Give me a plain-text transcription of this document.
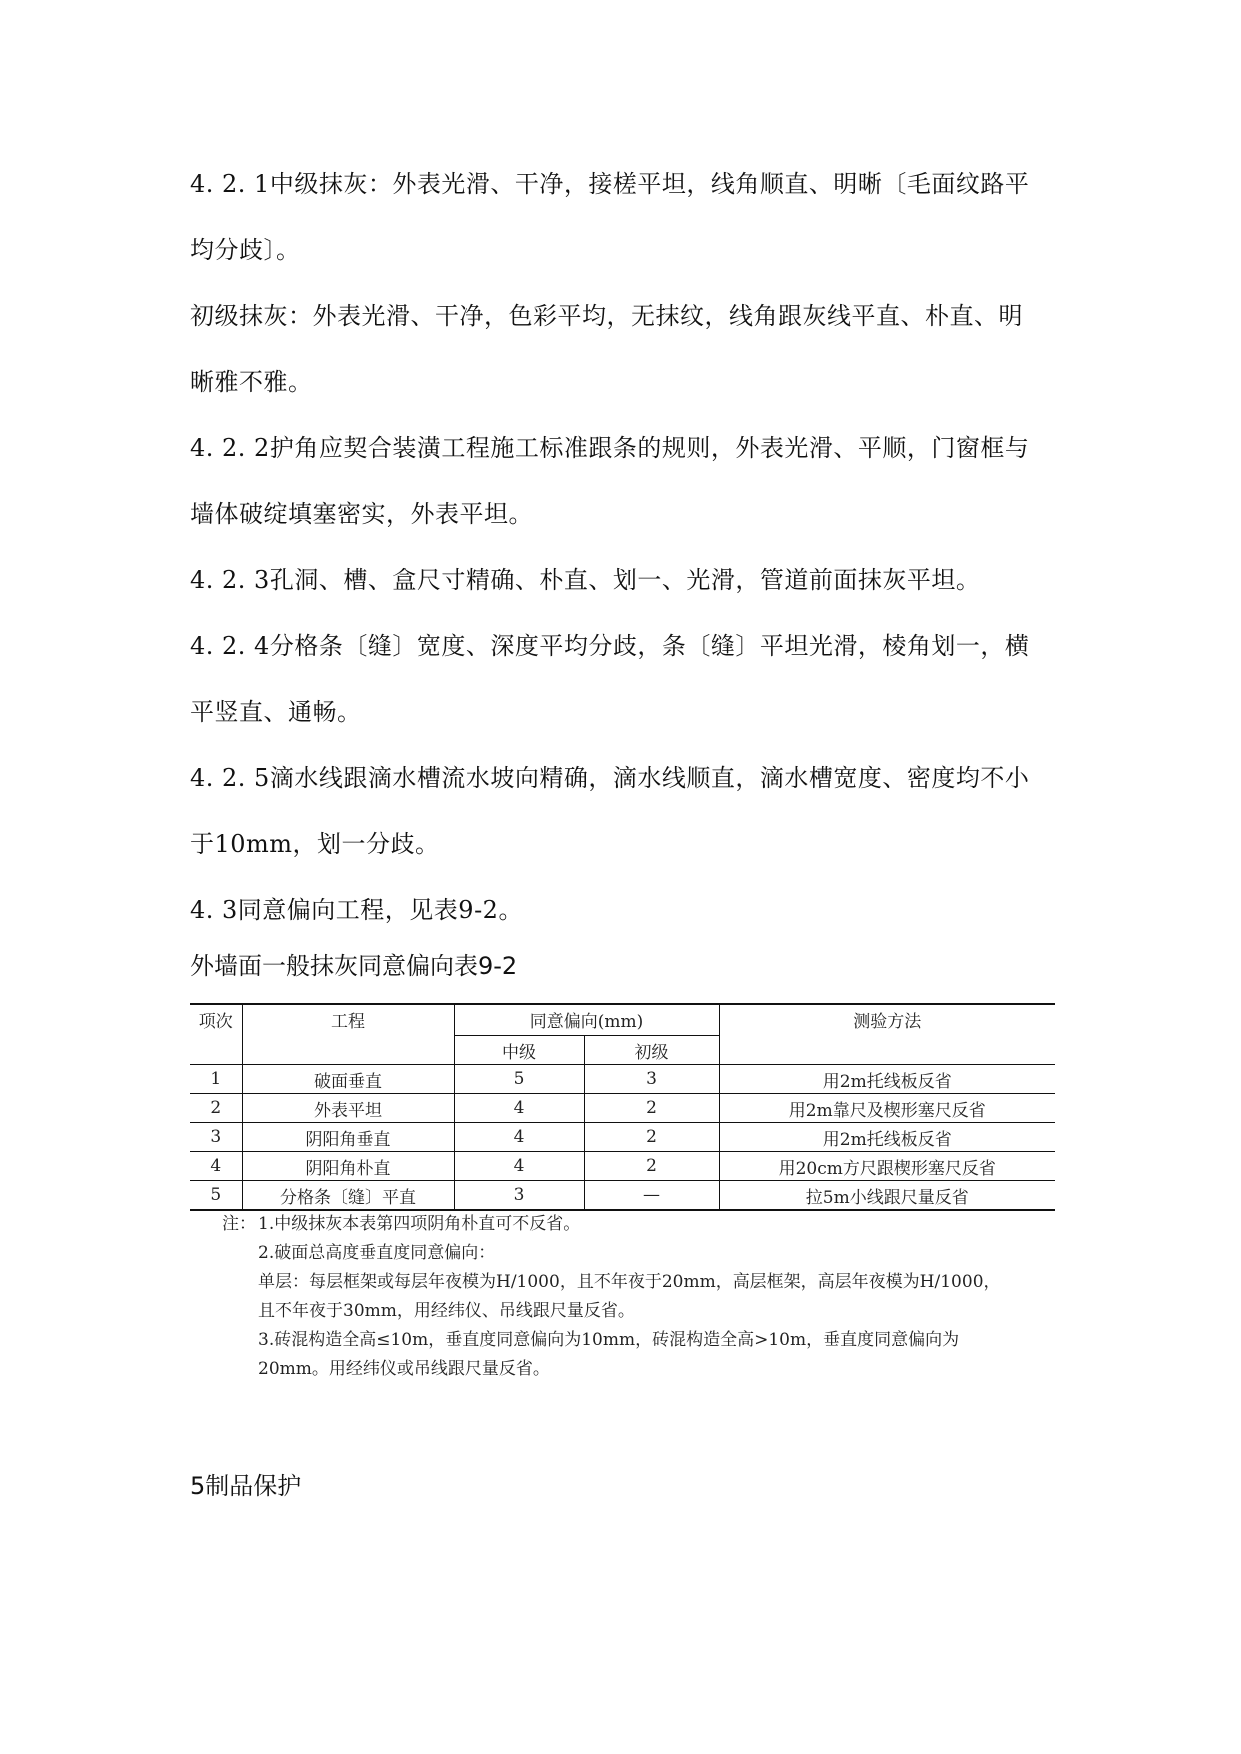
4. 2. 1中级抹灰：外表光滑、干净，接槎平坦，线角顺直、明晰〔毛面纹路平

均分歧〕。

初级抹灰：外表光滑、干净，色彩平均，无抹纹，线角跟灰线平直、朴直、明

晰雅不雅。

4. 2. 2护角应契合装潢工程施工标准跟条的规则，外表光滑、平顺，门窗框与

墙体破绽填塞密实，外表平坦。

4. 2. 3孔洞、槽、盒尺寸精确、朴直、划一、光滑，管道前面抹灰平坦。

4. 2. 4分格条〔缝〕宽度、深度平均分歧，条〔缝〕平坦光滑，棱角划一，横

平竖直、通畅。

4. 2. 5滴水线跟滴水槽流水坡向精确，滴水线顺直，滴水槽宽度、密度均不小

于10mm，划一分歧。

4. 3同意偏向工程，见表9-2。

外墙面一般抹灰同意偏向表9-2

项次	工程	同意偏向(mm)		测验方法
		中级	初级	
1	破面垂直	5	3	用2m托线板反省
2	外表平坦	4	2	用2m靠尺及楔形塞尺反省
3	阴阳角垂直	4	2	用2m托线板反省
4	阴阳角朴直	4	2	用20cm方尺跟楔形塞尺反省
5	分格条〔缝〕平直	3	—	拉5m小线跟尺量反省
注： 1.中级抹灰本表第四项阴角朴直可不反省。
2.破面总高度垂直度同意偏向：
单层：每层框架或每层年夜模为H/1000，且不年夜于20mm，高层框架，高层年夜模为H/1000，
且不年夜于30mm，用经纬仪、吊线跟尺量反省。
3.砖混构造全高≤10m，垂直度同意偏向为10mm，砖混构造全高>10m，垂直度同意偏向为
20mm。用经纬仪或吊线跟尺量反省。

5制品保护
